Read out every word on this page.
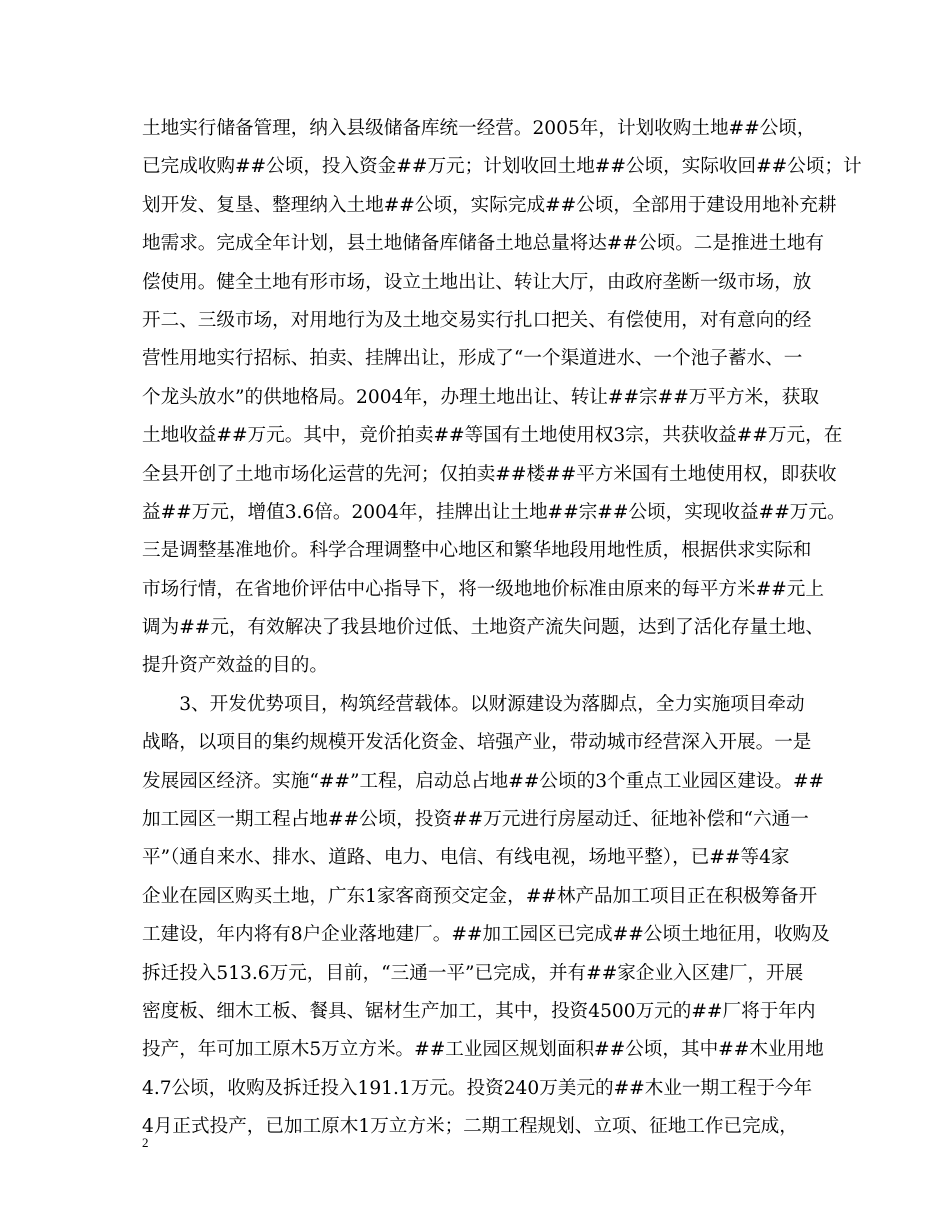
土地实行储备管理，纳入县级储备库统一经营。2005年，计划收购土地##公顷，
已完成收购##公顷，投入资金##万元；计划收回土地##公顷，实际收回##公顷；计
划开发、复垦、整理纳入土地##公顷，实际完成##公顷，全部用于建设用地补充耕
地需求。完成全年计划，县土地储备库储备土地总量将达##公顷。二是推进土地有
偿使用。健全土地有形市场，设立土地出让、转让大厅，由政府垄断一级市场，放
开二、三级市场，对用地行为及土地交易实行扎口把关、有偿使用，对有意向的经
营性用地实行招标、拍卖、挂牌出让，形成了“一个渠道进水、一个池子蓄水、一
个龙头放水”的供地格局。2004年，办理土地出让、转让##宗##万平方米，获取
土地收益##万元。其中，竞价拍卖##等国有土地使用权3宗，共获收益##万元，在
全县开创了土地市场化运营的先河；仅拍卖##楼##平方米国有土地使用权，即获收
益##万元，增值3.6倍。2004年，挂牌出让土地##宗##公顷，实现收益##万元。
三是调整基准地价。科学合理调整中心地区和繁华地段用地性质，根据供求实际和
市场行情，在省地价评估中心指导下，将一级地地价标准由原来的每平方米##元上
调为##元，有效解决了我县地价过低、土地资产流失问题，达到了活化存量土地、
提升资产效益的目的。
　　3、开发优势项目，构筑经营载体。以财源建设为落脚点，全力实施项目牵动
战略，以项目的集约规模开发活化资金、培强产业，带动城市经营深入开展。一是
发展园区经济。实施“##”工程，启动总占地##公顷的3个重点工业园区建设。##
加工园区一期工程占地##公顷，投资##万元进行房屋动迁、征地补偿和“六通一
平”（通自来水、排水、道路、电力、电信、有线电视，场地平整），已##等4家
企业在园区购买土地，广东1家客商预交定金，##林产品加工项目正在积极筹备开
工建设，年内将有8户企业落地建厂。##加工园区已完成##公顷土地征用，收购及
拆迁投入513.6万元，目前，“三通一平”已完成，并有##家企业入区建厂，开展
密度板、细木工板、餐具、锯材生产加工，其中，投资4500万元的##厂将于年内
投产，年可加工原木5万立方米。##工业园区规划面积##公顷，其中##木业用地
4.7公顷，收购及拆迁投入191.1万元。投资240万美元的##木业一期工程于今年
4月正式投产，已加工原木1万立方米；二期工程规划、立项、征地工作已完成，
2
